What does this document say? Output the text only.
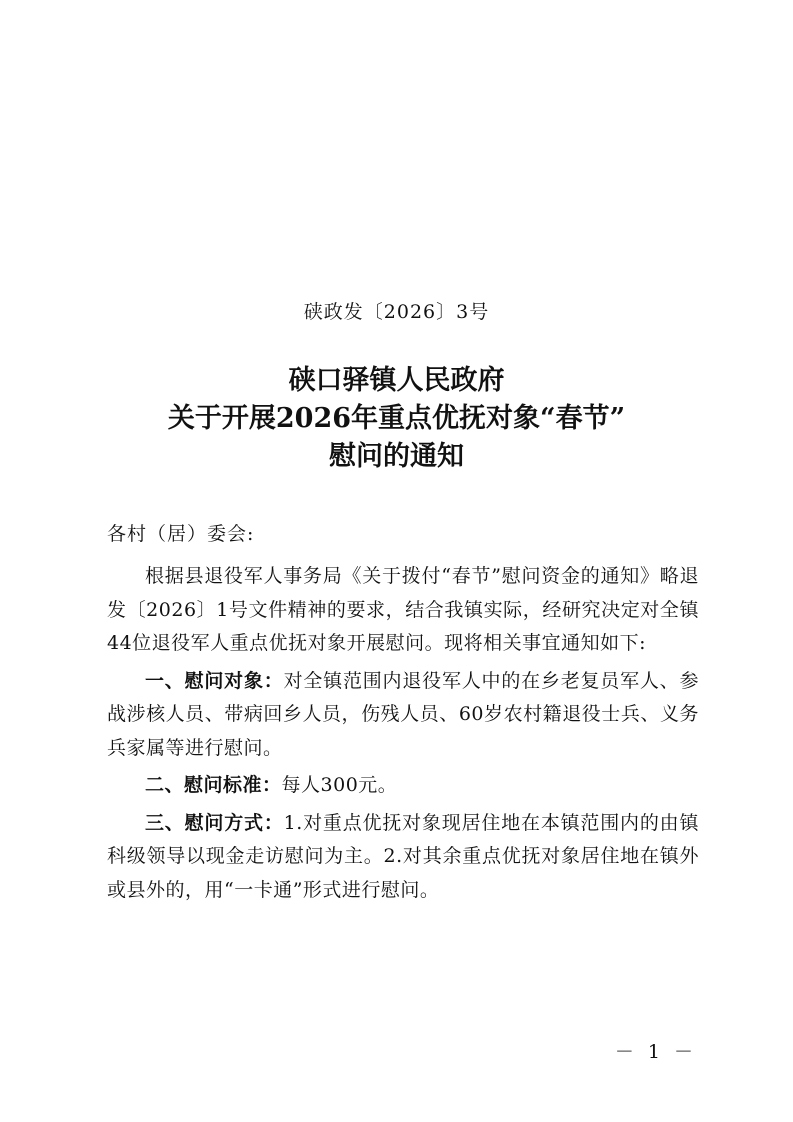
硖政发〔2026〕3号
硖口驿镇人民政府
关于开展2026年重点优抚对象“春节”
慰问的通知
各村（居）委会:

根据县退役军人事务局《关于拨付“春节”慰问资金的通知》略退发〔2026〕1号文件精神的要求，结合我镇实际，经研究决定对全镇44位退役军人重点优抚对象开展慰问。现将相关事宜通知如下:

一、慰问对象：对全镇范围内退役军人中的在乡老复员军人、参战涉核人员、带病回乡人员，伤残人员、60岁农村籍退役士兵、义务兵家属等进行慰问。

二、慰问标准：每人300元。

三、慰问方式：1.对重点优抚对象现居住地在本镇范围内的由镇科级领导以现金走访慰问为主。2.对其余重点优抚对象居住地在镇外或县外的，用“一卡通”形式进行慰问。

－ 1 －
